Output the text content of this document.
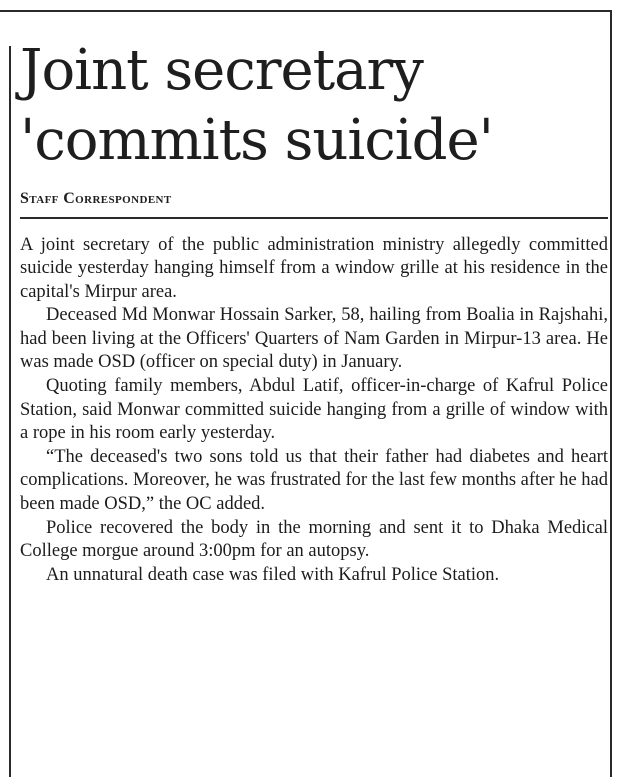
Joint secretary
'commits suicide'
Staff Correspondent

A joint secretary of the public administration ministry allegedly committed suicide yesterday hanging himself from a window grille at his residence in the capital's Mirpur area.

Deceased Md Monwar Hossain Sarker, 58, hailing from Boalia in Rajshahi, had been living at the Officers' Quarters of Nam Garden in Mirpur-13 area. He was made OSD (officer on special duty) in January.

Quoting family members, Abdul Latif, officer-in-charge of Kafrul Police Station, said Monwar committed suicide hanging from a grille of window with a rope in his room early yesterday.

“The deceased's two sons told us that their father had diabetes and heart complications. Moreover, he was frustrated for the last few months after he had been made OSD,” the OC added.

Police recovered the body in the morning and sent it to Dhaka Medical College morgue around 3:00pm for an autopsy.

An unnatural death case was filed with Kafrul Police Station.
